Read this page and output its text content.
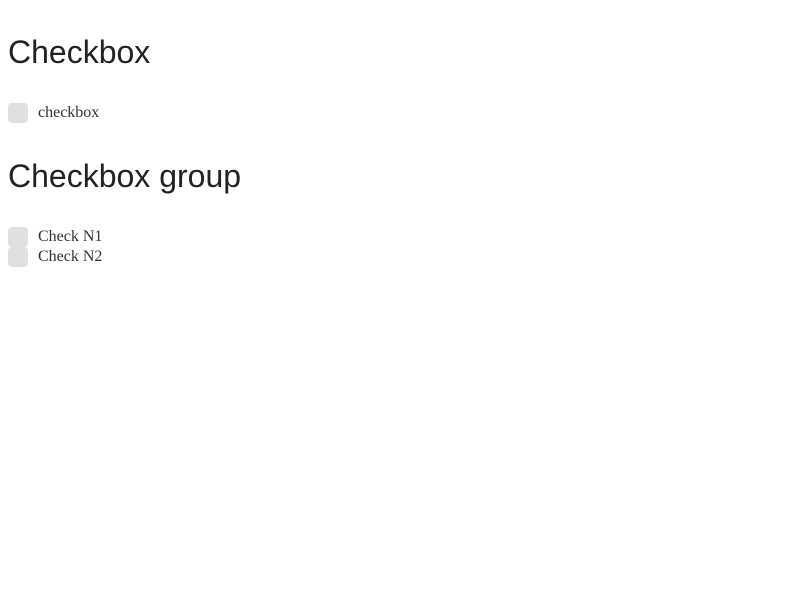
Checkbox
checkbox
Checkbox group
Check N1
Check N2
